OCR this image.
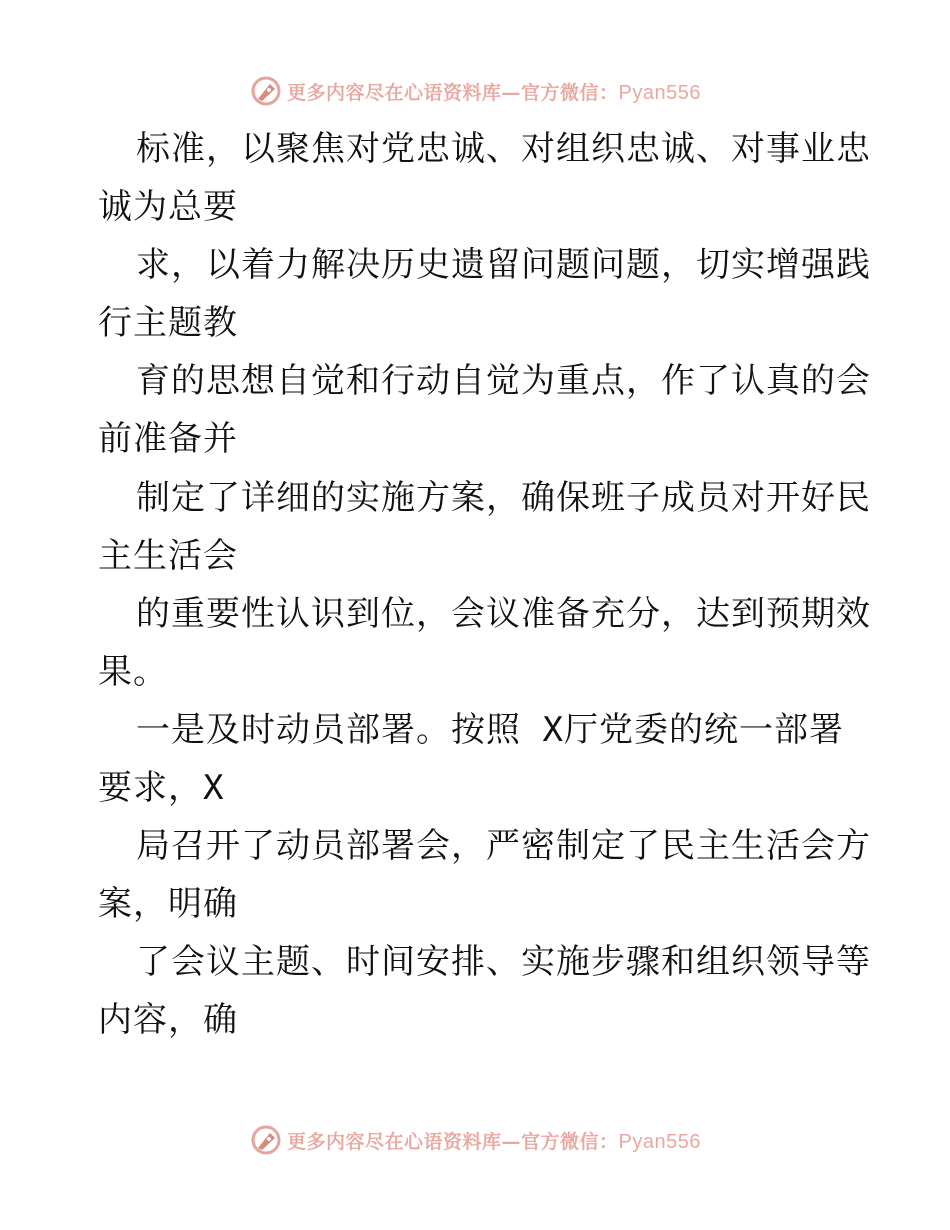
更多内容尽在心语资料库—官方微信：Pyan556
标准，以聚焦对党忠诚、对组织忠诚、对事业忠
诚为总要
求，以着力解决历史遗留问题问题，切实增强践
行主题教
育的思想自觉和行动自觉为重点，作了认真的会
前准备并
制定了详细的实施方案，确保班子成员对开好民
主生活会
的重要性认识到位，会议准备充分，达到预期效
果。
一是及时动员部署。按照 X厅党委的统一部署
要求，X
局召开了动员部署会，严密制定了民主生活会方
案，明确
了会议主题、时间安排、实施步骤和组织领导等
内容，确
更多内容尽在心语资料库—官方微信：Pyan556
